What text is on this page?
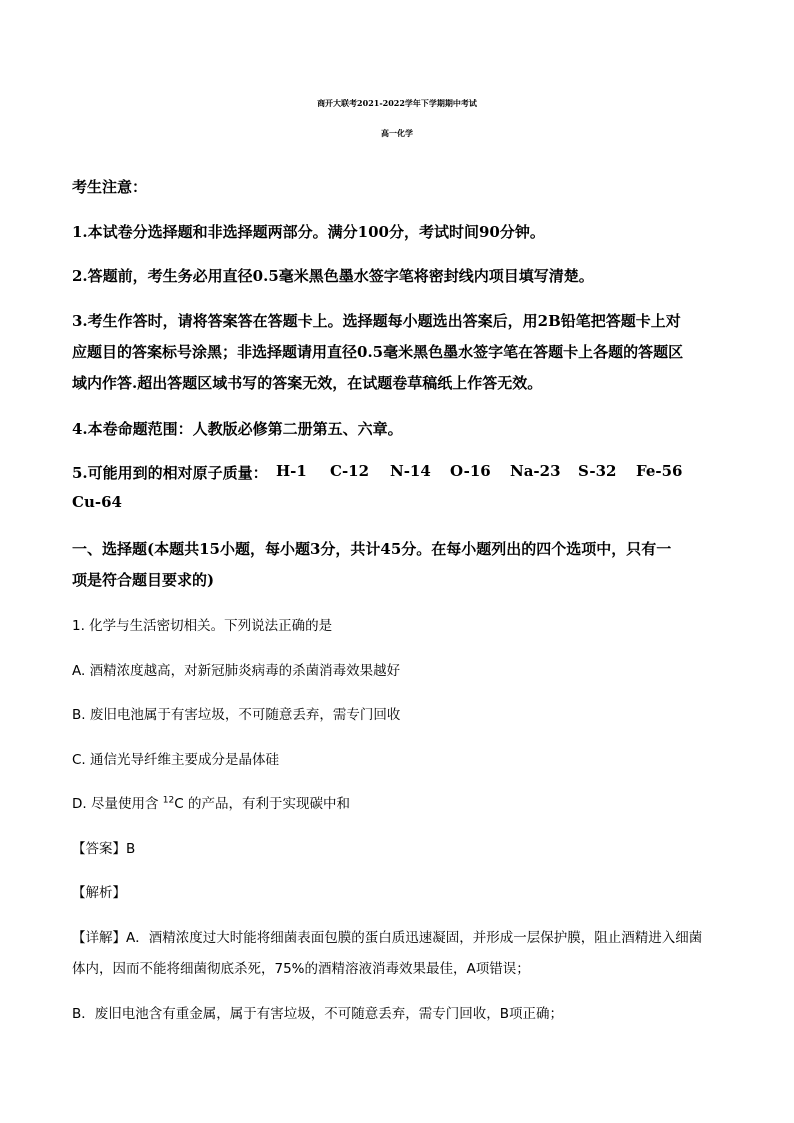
商开大联考2021-2022学年下学期期中考试
高一化学
考生注意：
1.本试卷分选择题和非选择题两部分。满分100分，考试时间90分钟。
2.答题前，考生务必用直径0.5毫米黑色墨水签字笔将密封线内项目填写清楚。
3.考生作答时，请将答案答在答题卡上。选择题每小题选出答案后，用2B铅笔把答题卡上对
应题目的答案标号涂黑；非选择题请用直径0.5毫米黑色墨水签字笔在答题卡上各题的答题区
域内作答.超出答题区域书写的答案无效，在试题卷草稿纸上作答无效。
4.本卷命题范围：人教版必修第二册第五、六章。
5.可能用到的相对原子质量： H-1 C-12 N-14 O-16 Na-23 S-32 Fe-56
Cu-64
一、选择题(本题共15小题，每小题3分，共计45分。在每小题列出的四个选项中，只有一
项是符合题目要求的)
1. 化学与生活密切相关。下列说法正确的是
A. 酒精浓度越高，对新冠肺炎病毒的杀菌消毒效果越好
B. 废旧电池属于有害垃圾，不可随意丢弃，需专门回收
C. 通信光导纤维主要成分是晶体硅
D. 尽量使用含 $^{12}$C 的产品，有利于实现碳中和
【答案】B
【解析】
【详解】A．酒精浓度过大时能将细菌表面包膜的蛋白质迅速凝固，并形成一层保护膜，阻止酒精进入细菌
体内，因而不能将细菌彻底杀死，75%的酒精溶液消毒效果最佳，A项错误；
B．废旧电池含有重金属，属于有害垃圾，不可随意丢弃，需专门回收，B项正确；
